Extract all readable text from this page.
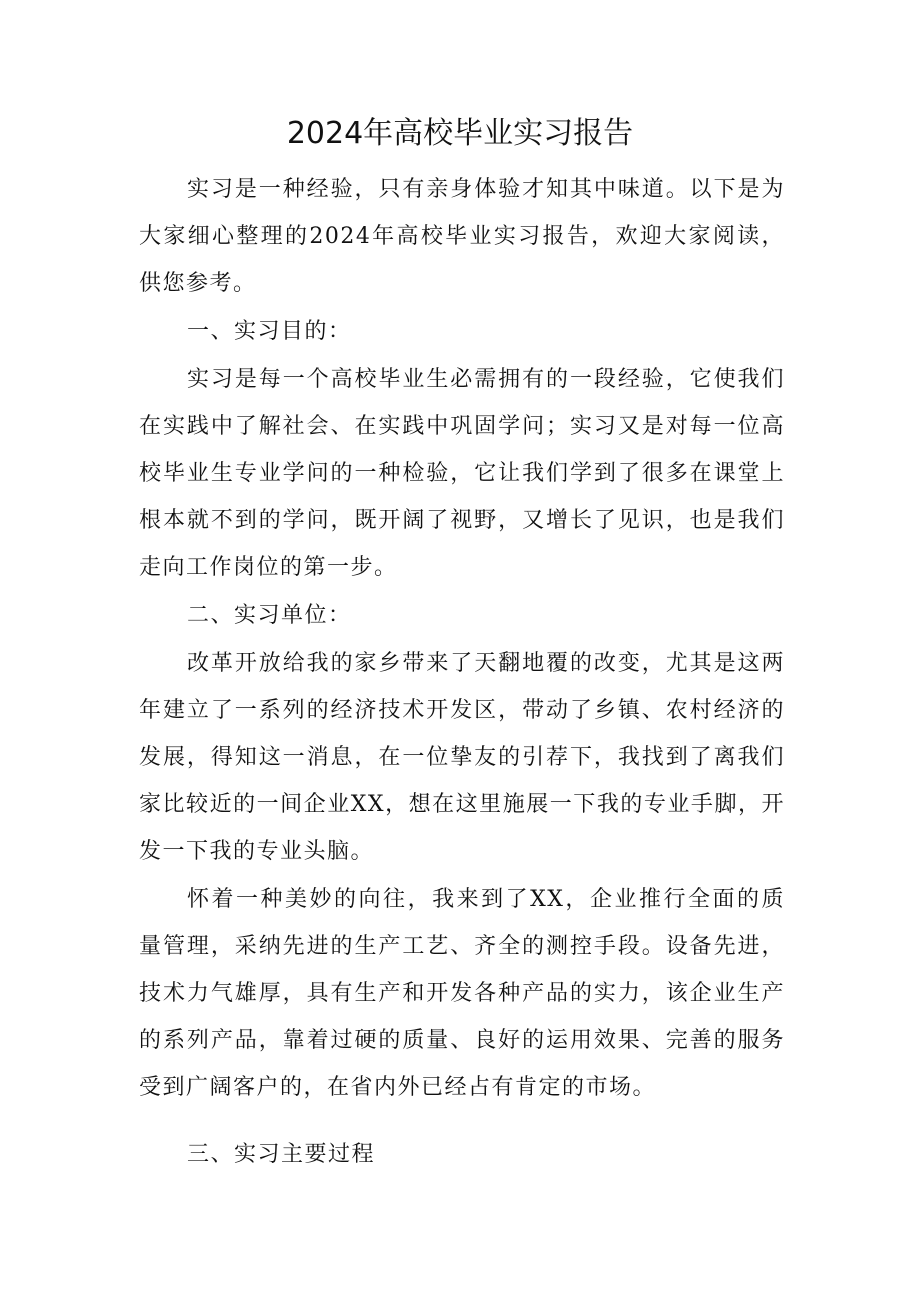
2024年高校毕业实习报告

实习是一种经验，只有亲身体验才知其中味道。以下是为大家细心整理的2024年高校毕业实习报告，欢迎大家阅读，供您参考。

一、实习目的：

实习是每一个高校毕业生必需拥有的一段经验，它使我们在实践中了解社会、在实践中巩固学问；实习又是对每一位高校毕业生专业学问的一种检验，它让我们学到了很多在课堂上根本就不到的学问，既开阔了视野，又增长了见识，也是我们走向工作岗位的第一步。

二、实习单位：

改革开放给我的家乡带来了天翻地覆的改变，尤其是这两年建立了一系列的经济技术开发区，带动了乡镇、农村经济的发展，得知这一消息，在一位挚友的引荐下，我找到了离我们家比较近的一间企业XX，想在这里施展一下我的专业手脚，开发一下我的专业头脑。

怀着一种美妙的向往，我来到了XX，企业推行全面的质量管理，采纳先进的生产工艺、齐全的测控手段。设备先进，技术力气雄厚，具有生产和开发各种产品的实力，该企业生产的系列产品，靠着过硬的质量、良好的运用效果、完善的服务受到广阔客户的，在省内外已经占有肯定的市场。

三、实习主要过程
